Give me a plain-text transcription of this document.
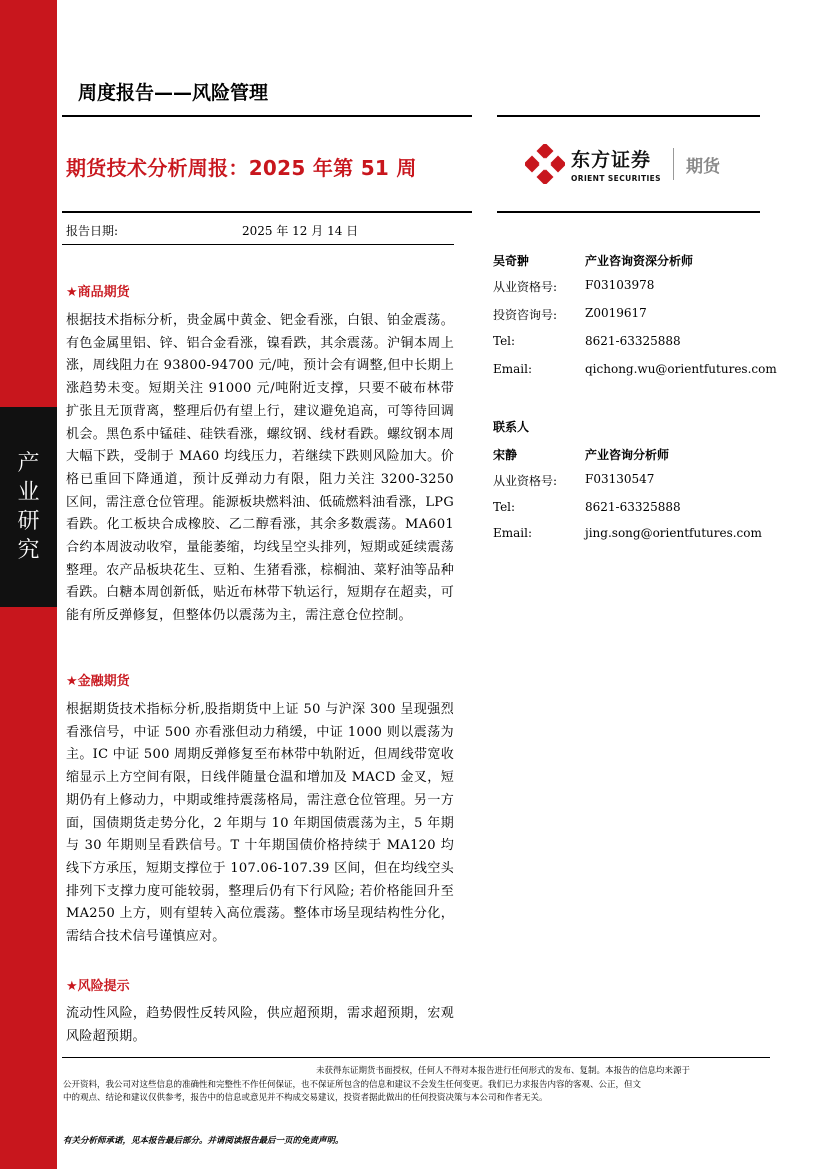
产
业
研
究
周度报告——风险管理
期货技术分析周报：2025 年第 51 周	东方证券
ORIENT SECURITIES
期货
报告日期:	2025 年 12 月 14 日
★商品期货
根据技术指标分析，贵金属中黄金、钯金看涨，白银、铂金震荡。有色金属里铝、锌、铝合金看涨，镍看跌，其余震荡。沪铜本周上涨，周线阻力在 93800-94700 元/吨，预计会有调整,但中长期上涨趋势未变。短期关注 91000 元/吨附近支撑，只要不破布林带扩张且无顶背离，整理后仍有望上行，建议避免追高，可等待回调机会。黑色系中锰硅、硅铁看涨，螺纹钢、线材看跌。螺纹钢本周大幅下跌，受制于 MA60 均线压力，若继续下跌则风险加大。价格已重回下降通道，预计反弹动力有限，阻力关注 3200-3250 区间，需注意仓位管理。能源板块燃料油、低硫燃料油看涨，LPG 看跌。化工板块合成橡胶、乙二醇看涨，其余多数震荡。MA601 合约本周波动收窄，量能萎缩，均线呈空头排列，短期或延续震荡整理。农产品板块花生、豆粕、生猪看涨，棕榈油、菜籽油等品种看跌。白糖本周创新低，贴近布林带下轨运行，短期存在超卖，可能有所反弹修复，但整体仍以震荡为主，需注意仓位控制。
★金融期货
根据期货技术指标分析,股指期货中上证 50 与沪深 300 呈现强烈看涨信号，中证 500 亦看涨但动力稍缓，中证 1000 则以震荡为主。IC 中证 500 周期反弹修复至布林带中轨附近，但周线带宽收缩显示上方空间有限，日线伴随量仓温和增加及 MACD 金叉，短期仍有上修动力，中期或维持震荡格局，需注意仓位管理。另一方面，国债期货走势分化，2 年期与 10 年期国债震荡为主，5 年期与 30 年期则呈看跌信号。T 十年期国债价格持续于 MA120 均线下方承压，短期支撑位于 107.06-107.39 区间，但在均线空头排列下支撑力度可能较弱，整理后仍有下行风险; 若价格能回升至 MA250 上方，则有望转入高位震荡。整体市场呈现结构性分化，需结合技术信号谨慎应对。
★风险提示
流动性风险，趋势假性反转风险，供应超预期，需求超预期，宏观风险超预期。
吴奇翀	产业咨询资深分析师
从业资格号:	F03103978
投资咨询号:	Z0019617
Tel:	8621-63325888
Email:	qichong.wu@orientfutures.com
联系人
宋静	产业咨询分析师
从业资格号:	F03130547
Tel:	8621-63325888
Email:	jing.song@orientfutures.com
未获得东证期货书面授权，任何人不得对本报告进行任何形式的发布、复制。本报告的信息均来源于
公开资料，我公司对这些信息的准确性和完整性不作任何保证，也不保证所包含的信息和建议不会发生任何变更。我们已力求报告内容的客观、公正，但文
中的观点、结论和建议仅供参考，报告中的信息或意见并不构成交易建议，投资者据此做出的任何投资决策与本公司和作者无关。
有关分析师承诺，见本报告最后部分。并请阅读报告最后一页的免责声明。
